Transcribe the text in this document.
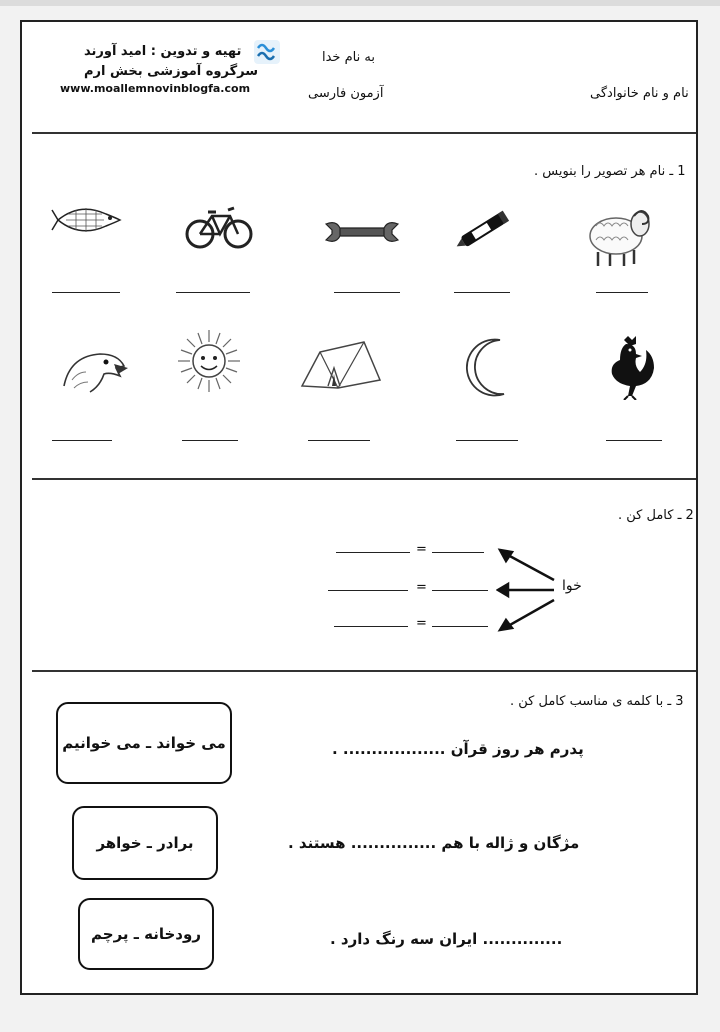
تهیه و تدوین : امید آورند
سرگروه آموزشی بخش ارم
www.moallemnovinblogfa.com
به نام خدا
آزمون فارسی	نام و نام خانوادگی
1 ـ نام هر تصویر را بنویس .
2 ـ کامل کن .
=
=
=
خوا
3 ـ با کلمه ی مناسب کامل کن .
می خواند ـ می خوانیم	پدرم هر روز قرآن .................. .
برادر ـ خواهر	مژگان و ژاله با هم ............... هستند .
رودخانه ـ پرچم	.............. ایران سه رنگ دارد .
